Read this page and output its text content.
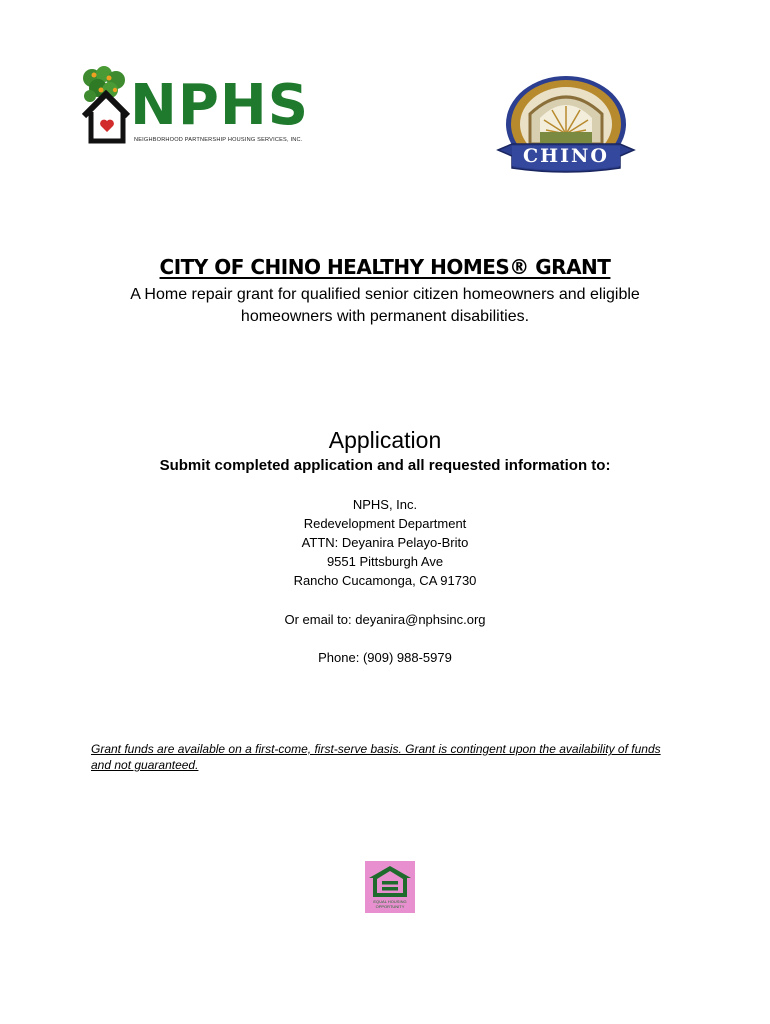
NPHS
NEIGHBORHOOD PARTNERSHIP HOUSING SERVICES, INC.
CHINO
CITY OF CHINO HEALTHY HOMES® GRANT
A Home repair grant for qualified senior citizen homeowners and eligible homeowners with permanent disabilities.
Application
Submit completed application and all requested information to:
NPHS, Inc.
Redevelopment Department
ATTN: Deyanira Pelayo-Brito
9551 Pittsburgh Ave
Rancho Cucamonga, CA 91730
Or email to: deyanira@nphsinc.org
Phone: (909) 988-5979
Grant funds are available on a first-come, first-serve basis. Grant is contingent upon the availability of funds and not guaranteed.
EQUAL HOUSING
OPPORTUNITY
